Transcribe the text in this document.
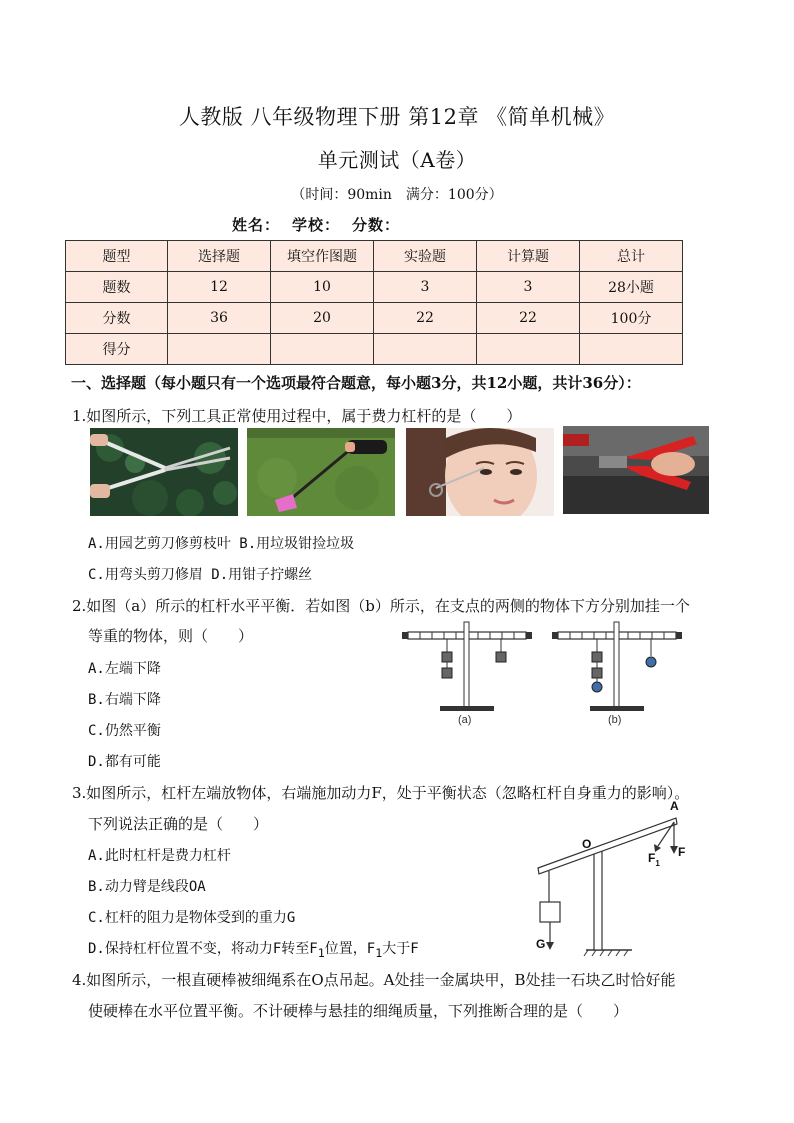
人教版 八年级物理下册 第12章 《简单机械》
单元测试（A卷）
（时间：90min　满分：100分）
姓名： 学校： 分数：
题型	选择题	填空作图题	实验题	计算题	总计
题数	12	10	3	3	28小题
分数	36	20	22	22	100分
得分					
一、选择题（每小题只有一个选项最符合题意，每小题3分，共12小题，共计36分）：
1.如图所示，下列工具正常使用过程中，属于费力杠杆的是（　　）
A.用园艺剪刀修剪枝叶 B.用垃圾钳捡垃圾
C.用弯头剪刀修眉 D.用钳子拧螺丝
2.如图（a）所示的杠杆水平平衡．若如图（b）所示，在支点的两侧的物体下方分别加挂一个
等重的物体，则（　　）
A.左端下降
B.右端下降
C.仍然平衡
D.都有可能
(a)	(b)
3.如图所示，杠杆左端放物体，右端施加动力F，处于平衡状态（忽略杠杆自身重力的影响）。
下列说法正确的是（　　）
A.此时杠杆是费力杠杆
B.动力臂是线段OA
C.杠杆的阻力是物体受到的重力G
D.保持杠杆位置不变，将动力F转至$F_1$位置，$F_1$大于F
A
O
F
$F_1$
G
4.如图所示，一根直硬棒被细绳系在O点吊起。A处挂一金属块甲，B处挂一石块乙时恰好能
使硬棒在水平位置平衡。不计硬棒与悬挂的细绳质量，下列推断合理的是（　　）
